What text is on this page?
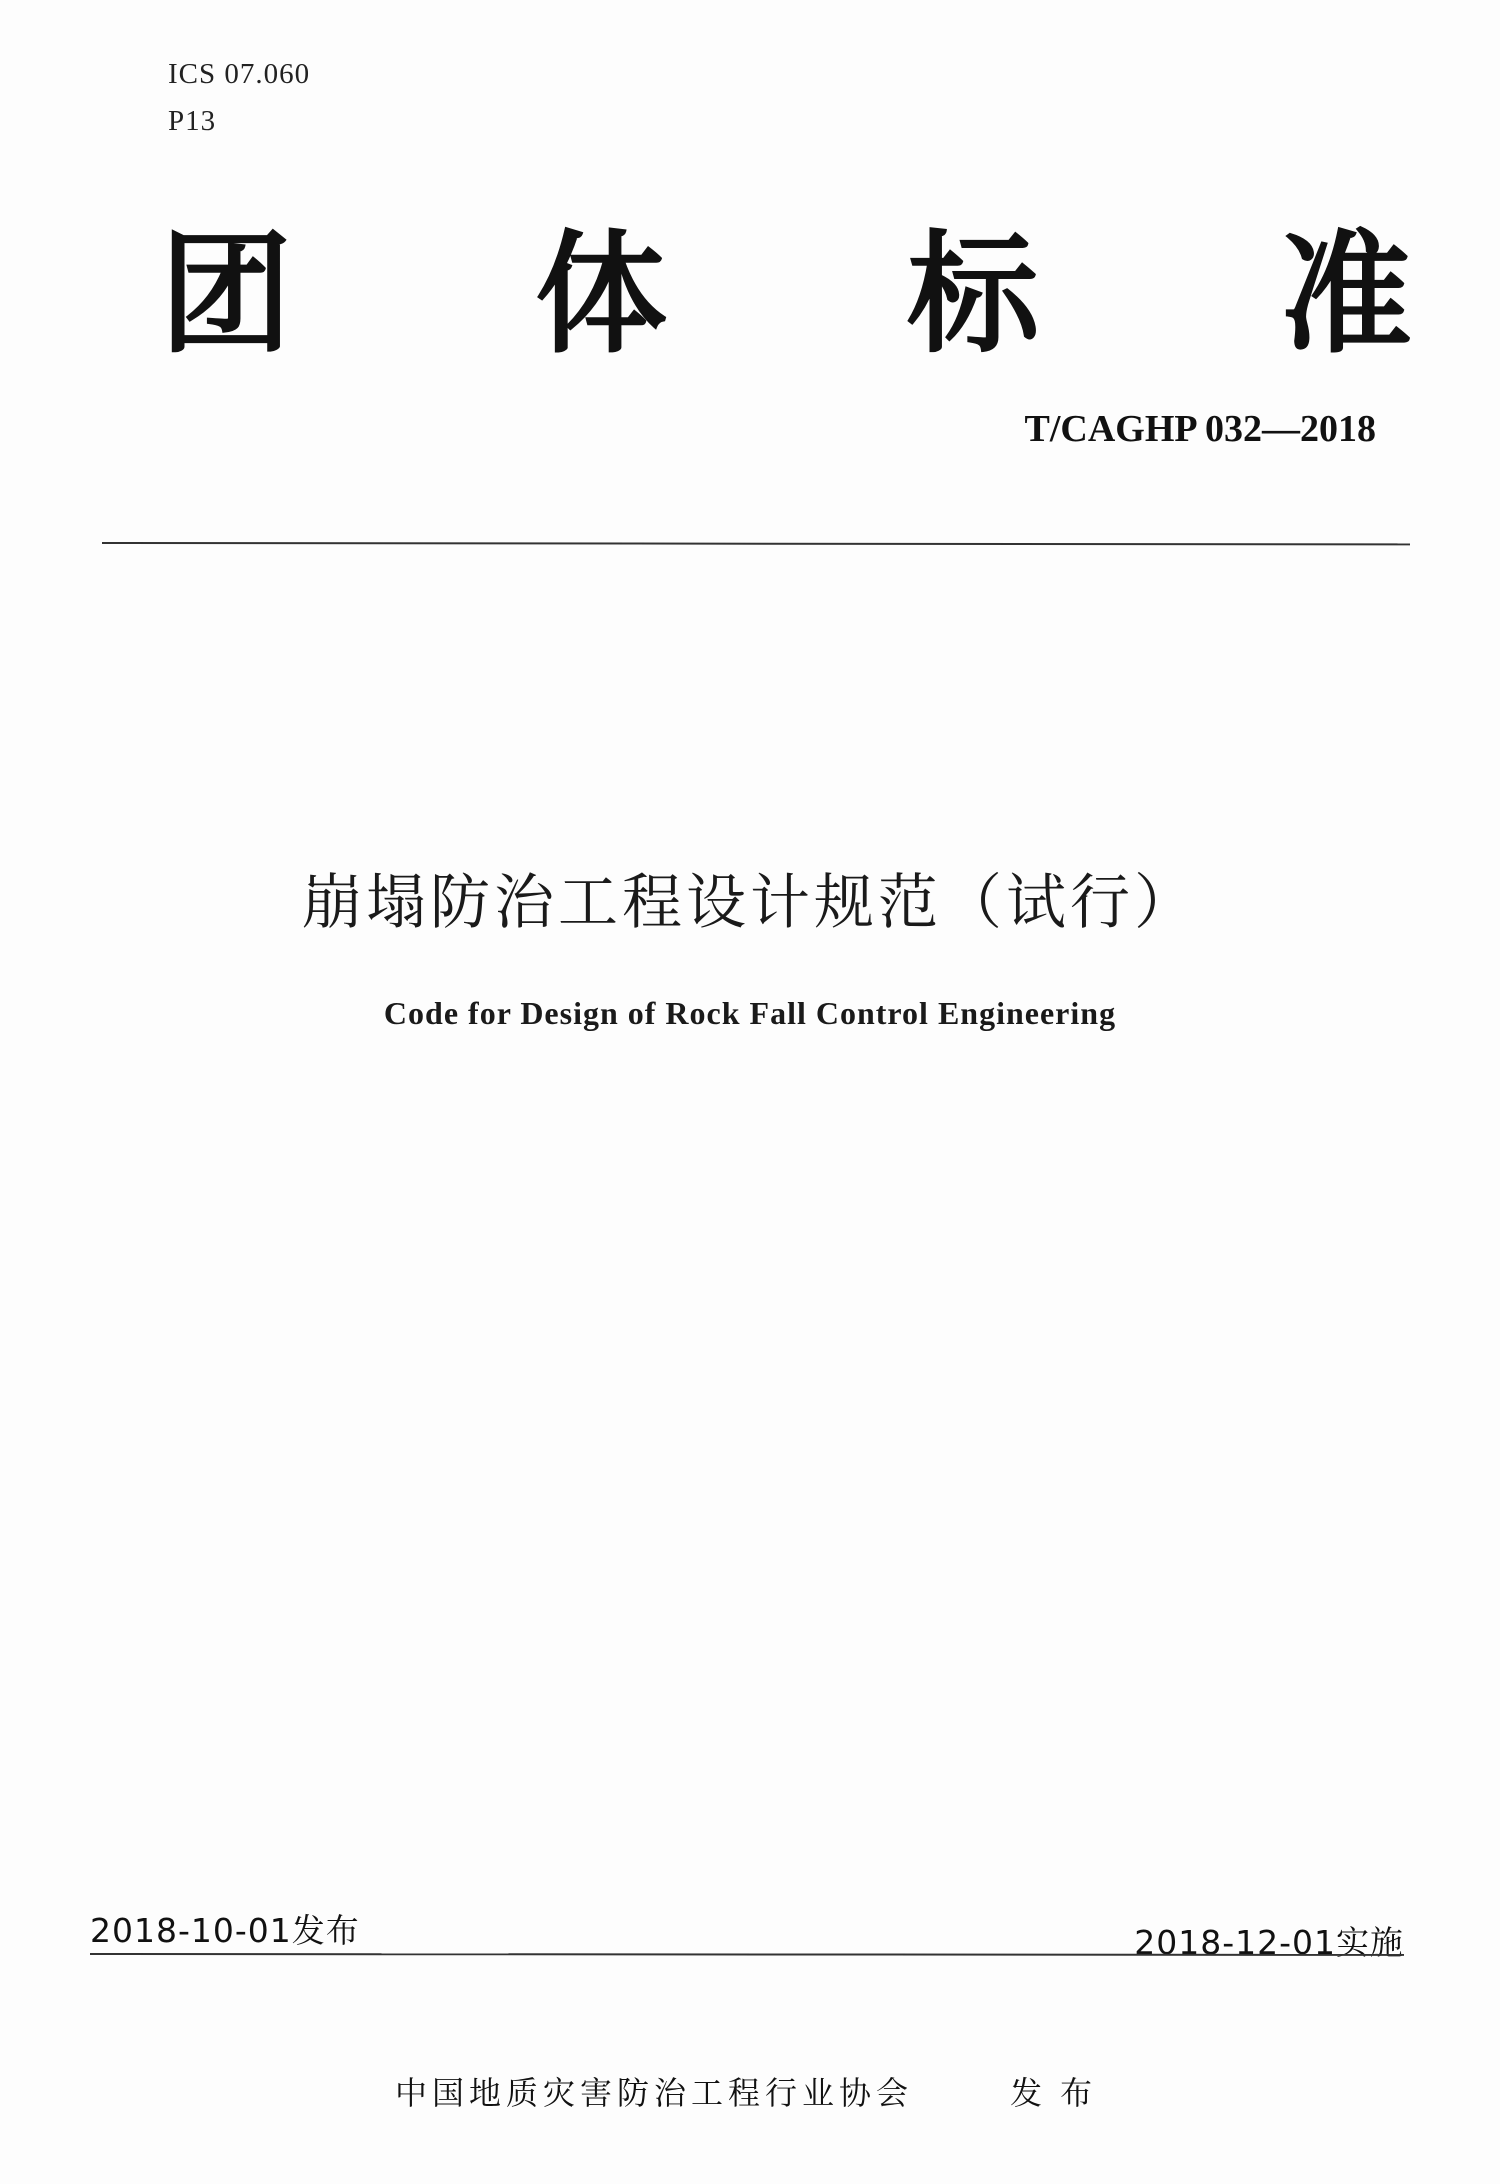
ICS 07.060
P13
团 体 标 准
T/CAGHP 032—2018
崩塌防治工程设计规范（试行）
Code for Design of Rock Fall Control Engineering
2018-10-01发布	2018-12-01实施
中国地质灾害防治工程行业协会	发布
